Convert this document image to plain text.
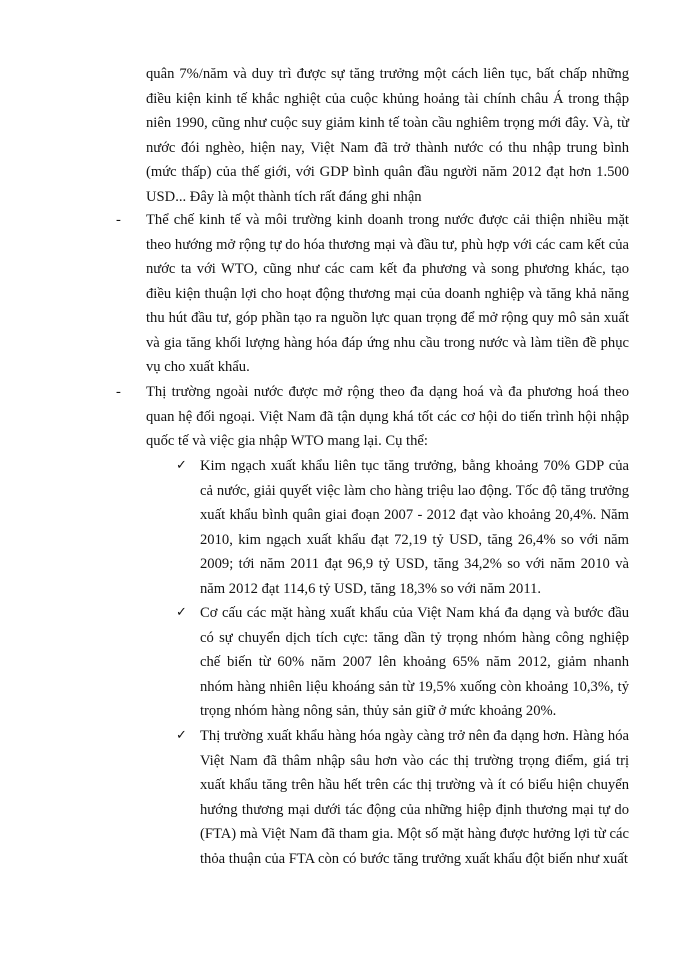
quân 7%/năm và duy trì được sự tăng trưởng một cách liên tục, bất chấp những điều kiện kinh tế khắc nghiệt của cuộc khủng hoảng tài chính châu Á trong thập niên 1990, cũng như cuộc suy giảm kinh tế toàn cầu nghiêm trọng mới đây. Và, từ nước đói nghèo, hiện nay, Việt Nam đã trở thành nước có thu nhập trung bình (mức thấp) của thế giới, với GDP bình quân đầu người năm 2012 đạt hơn 1.500 USD... Đây là một thành tích rất đáng ghi nhận

-	Thể chế kinh tế và môi trường kinh doanh trong nước được cải thiện nhiều mặt theo hướng mở rộng tự do hóa thương mại và đầu tư, phù hợp với các cam kết của nước ta với WTO, cũng như các cam kết đa phương và song phương khác, tạo điều kiện thuận lợi cho hoạt động thương mại của doanh nghiệp và tăng khả năng thu hút đầu tư, góp phần tạo ra nguồn lực quan trọng để mở rộng quy mô sản xuất và gia tăng khối lượng hàng hóa đáp ứng nhu cầu trong nước và làm tiền đề phục vụ cho xuất khẩu.
-	Thị trường ngoài nước được mở rộng theo đa dạng hoá và đa phương hoá theo quan hệ đối ngoại. Việt Nam đã tận dụng khá tốt các cơ hội do tiến trình hội nhập quốc tế và việc gia nhập WTO mang lại. Cụ thể:
✓ Kim ngạch xuất khẩu liên tục tăng trưởng, bằng khoảng 70% GDP của cả nước, giải quyết việc làm cho hàng triệu lao động. Tốc độ tăng trưởng xuất khẩu bình quân giai đoạn 2007 - 2012 đạt vào khoảng 20,4%. Năm 2010, kim ngạch xuất khẩu đạt 72,19 tỷ USD, tăng 26,4% so với năm 2009; tới năm 2011 đạt 96,9 tỷ USD, tăng 34,2% so với năm 2010 và năm 2012 đạt 114,6 tỷ USD, tăng 18,3% so với năm 2011.
✓ Cơ cấu các mặt hàng xuất khẩu của Việt Nam khá đa dạng và bước đầu có sự chuyển dịch tích cực: tăng dần tỷ trọng nhóm hàng công nghiệp chế biến từ 60% năm 2007 lên khoảng 65% năm 2012, giảm nhanh nhóm hàng nhiên liệu khoáng sản từ 19,5% xuống còn khoảng 10,3%, tỷ trọng nhóm hàng nông sản, thủy sản giữ ở mức khoảng 20%.
✓ Thị trường xuất khẩu hàng hóa ngày càng trở nên đa dạng hơn. Hàng hóa Việt Nam đã thâm nhập sâu hơn vào các thị trường trọng điểm, giá trị xuất khẩu tăng trên hầu hết trên các thị trường và ít có biểu hiện chuyển hướng thương mại dưới tác động của những hiệp định thương mại tự do (FTA) mà Việt Nam đã tham gia. Một số mặt hàng được hưởng lợi từ các thỏa thuận của FTA còn có bước tăng trưởng xuất khẩu đột biến như xuất
